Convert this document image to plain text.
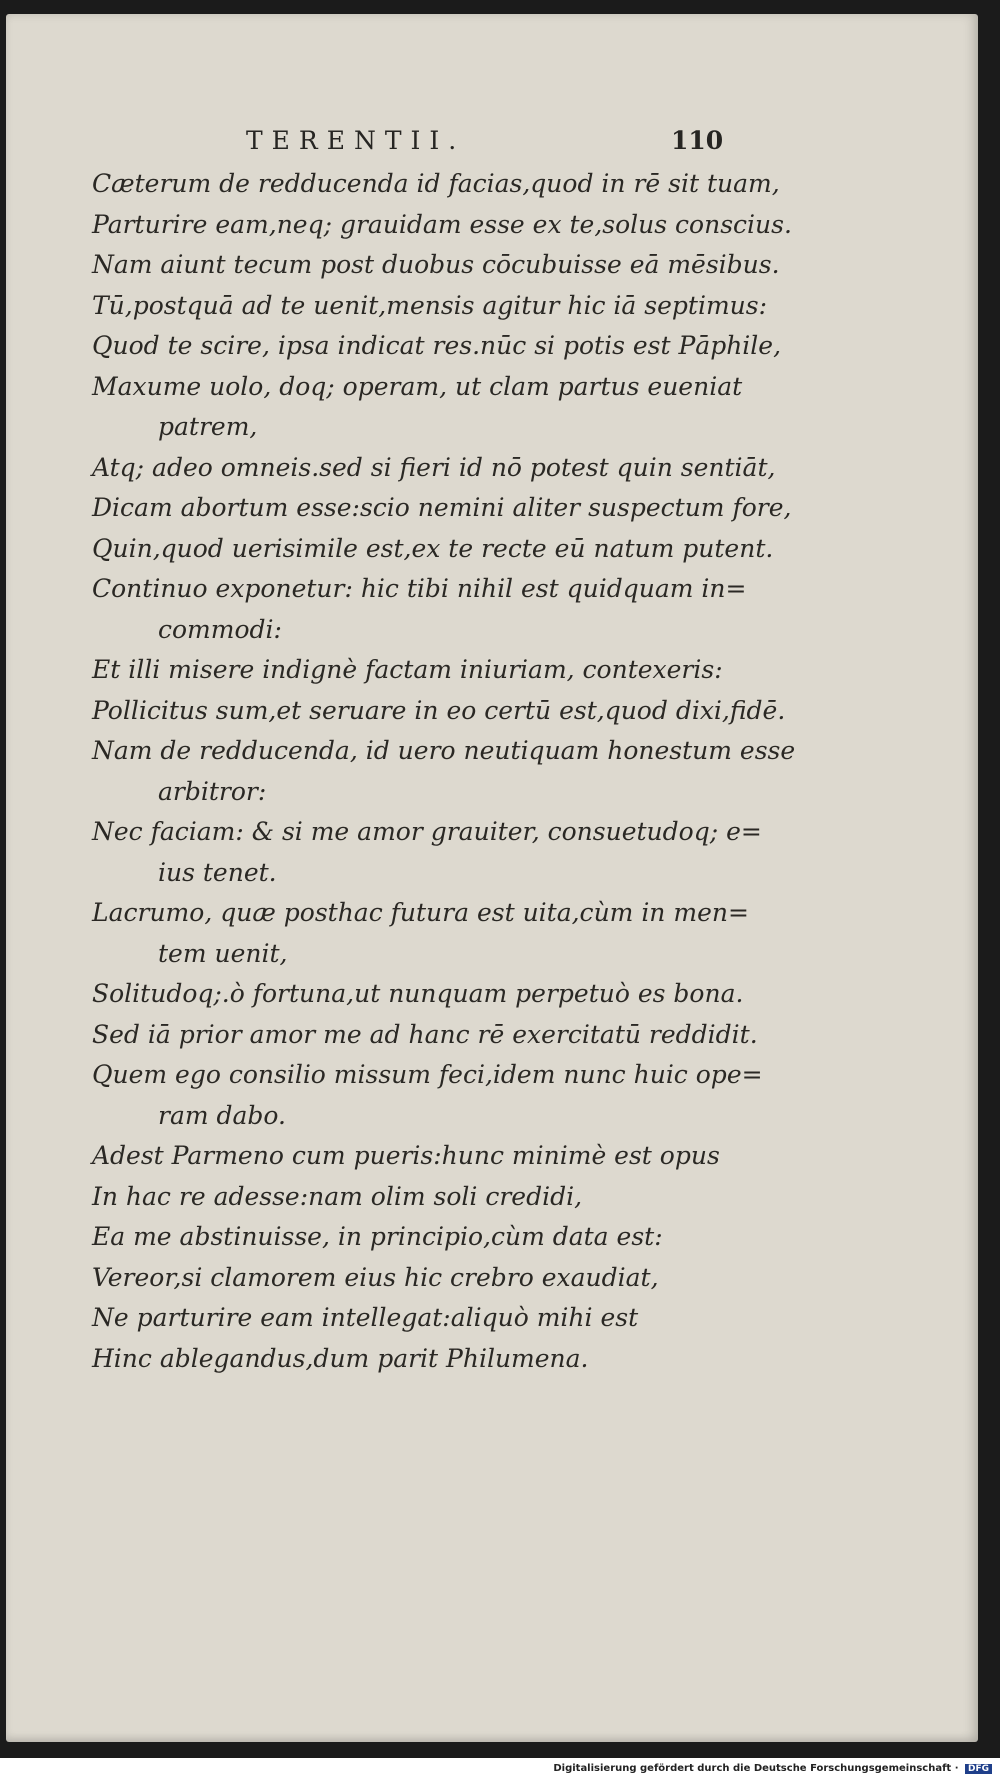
TERENTII.	110
Cæterum de redducenda id facias,quod in rē sit tuam,
Parturire eam,neq; grauidam esse ex te,solus conscius.
Nam aiunt tecum post duobus cōcubuisse eā mēsibus.
Tū,postquā ad te uenit,mensis agitur hic iā septimus:
Quod te scire, ipsa indicat res.nūc si potis est Pāphile,
Maxume uolo, doq; operam, ut clam partus eueniat
patrem,
Atq; adeo omneis.sed si fieri id nō potest quin sentiāt,
Dicam abortum esse:scio nemini aliter suspectum fore,
Quin,quod uerisimile est,ex te recte eū natum putent.
Continuo exponetur: hic tibi nihil est quidquam in=
commodi:
Et illi misere indignè factam iniuriam, contexeris:
Pollicitus sum,et seruare in eo certū est,quod dixi,fidē.
Nam de redducenda, id uero neutiquam honestum esse
arbitror:
Nec faciam: & si me amor grauiter, consuetudoq; e=
ius tenet.
Lacrumo, quæ posthac futura est uita,cùm in men=
tem uenit,
Solitudoq;.ò fortuna,ut nunquam perpetuò es bona.
Sed iā prior amor me ad hanc rē exercitatū reddidit.
Quem ego consilio missum feci,idem nunc huic ope=
ram dabo.
Adest Parmeno cum pueris:hunc minimè est opus
In hac re adesse:nam olim soli credidi,
Ea me abstinuisse, in principio,cùm data est:
Vereor,si clamorem eius hic crebro exaudiat,
Ne parturire eam intellegat:aliquò mihi est
Hinc ablegandus,dum parit Philumena.
Digitalisierung gefördert durch die Deutsche Forschungsgemeinschaft · DFG
